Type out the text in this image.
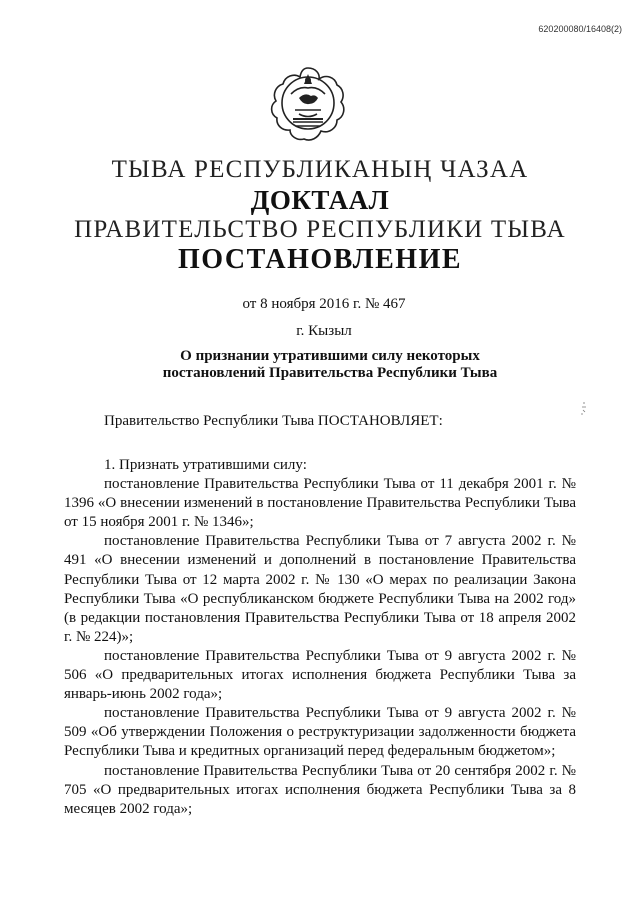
620200080/16408(2)
ТЫВА РЕСПУБЛИКАНЫҢ ЧАЗАА
ДОКТААЛ
ПРАВИТЕЛЬСТВО РЕСПУБЛИКИ ТЫВА
ПОСТАНОВЛЕНИЕ
от 8 ноября 2016 г. № 467
г. Кызыл
О признании утратившими силу некоторых
постановлений Правительства Республики Тыва
Правительство Республики Тыва ПОСТАНОВЛЯЕТ:

1. Признать утратившими силу:

постановление Правительства Республики Тыва от 11 декабря 2001 г. № 1396 «О внесении изменений в постановление Правительства Республики Тыва от 15 ноября 2001 г. № 1346»;

постановление Правительства Республики Тыва от 7 августа 2002 г. № 491 «О внесении изменений и дополнений в постановление Правительства Республики Тыва от 12 марта 2002 г. № 130 «О мерах по реализации Закона Республики Тыва «О республиканском бюджете Республики Тыва на 2002 год» (в редакции постановления Правительства Республики Тыва от 18 апреля 2002 г. № 224)»;

постановление Правительства Республики Тыва от 9 августа 2002 г. № 506 «О предварительных итогах исполнения бюджета Республики Тыва за январь-июнь 2002 года»;

постановление Правительства Республики Тыва от 9 августа 2002 г. № 509 «Об утверждении Положения о реструктуризации задолженности бюджета Республики Тыва и кредитных организаций перед федеральным бюджетом»;

постановление Правительства Республики Тыва от 20 сентября 2002 г. № 705 «О предварительных итогах исполнения бюджета Республики Тыва за 8 месяцев 2002 года»;
